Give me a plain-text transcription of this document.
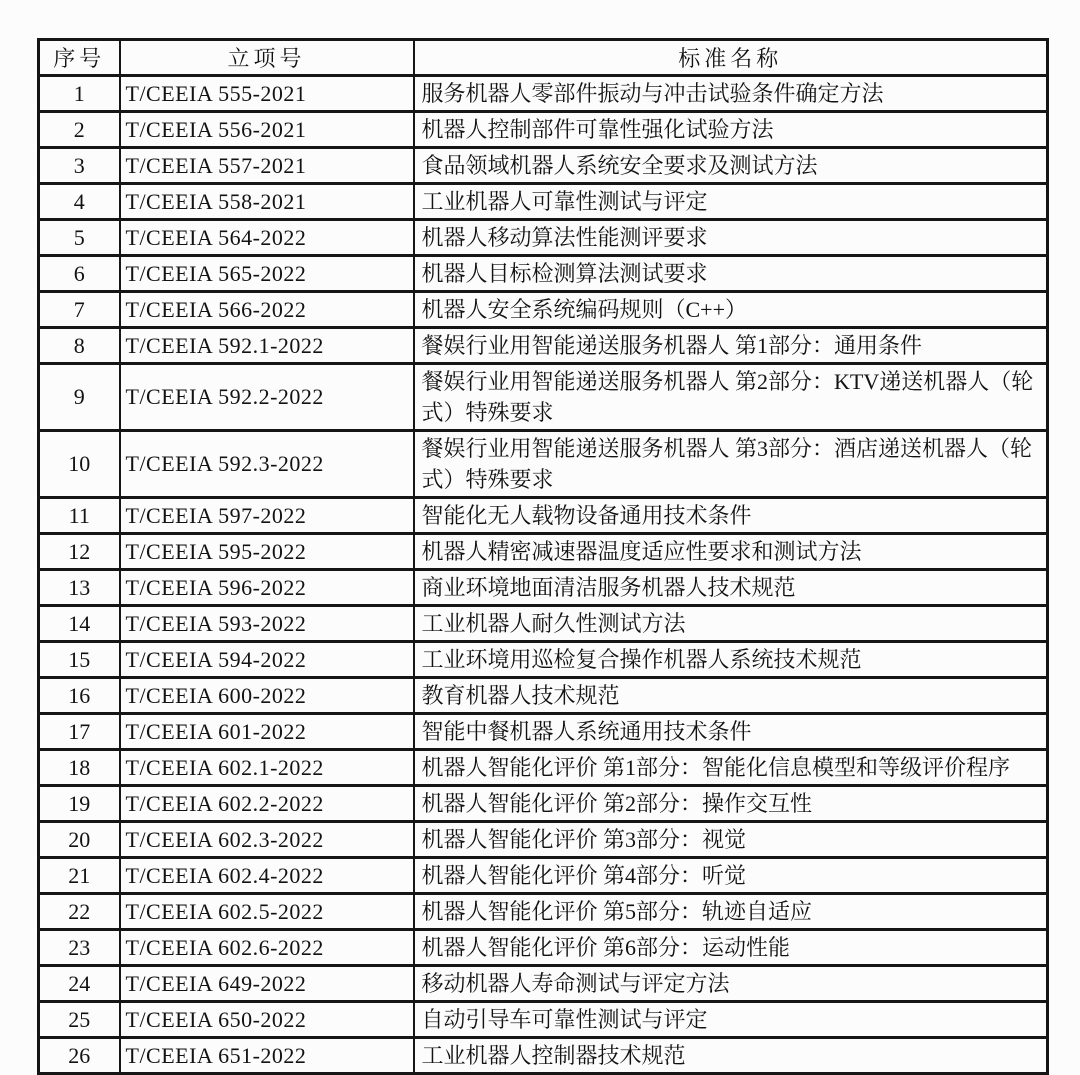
序号	立项号	标准名称
1	T/CEEIA 555-2021	服务机器人零部件振动与冲击试验条件确定方法
2	T/CEEIA 556-2021	机器人控制部件可靠性强化试验方法
3	T/CEEIA 557-2021	食品领域机器人系统安全要求及测试方法
4	T/CEEIA 558-2021	工业机器人可靠性测试与评定
5	T/CEEIA 564-2022	机器人移动算法性能测评要求
6	T/CEEIA 565-2022	机器人目标检测算法测试要求
7	T/CEEIA 566-2022	机器人安全系统编码规则（C++）
8	T/CEEIA 592.1-2022	餐娱行业用智能递送服务机器人 第1部分：通用条件
9	T/CEEIA 592.2-2022	餐娱行业用智能递送服务机器人 第2部分：KTV递送机器人（轮式）特殊要求
10	T/CEEIA 592.3-2022	餐娱行业用智能递送服务机器人 第3部分：酒店递送机器人（轮式）特殊要求
11	T/CEEIA 597-2022	智能化无人载物设备通用技术条件
12	T/CEEIA 595-2022	机器人精密减速器温度适应性要求和测试方法
13	T/CEEIA 596-2022	商业环境地面清洁服务机器人技术规范
14	T/CEEIA 593-2022	工业机器人耐久性测试方法
15	T/CEEIA 594-2022	工业环境用巡检复合操作机器人系统技术规范
16	T/CEEIA 600-2022	教育机器人技术规范
17	T/CEEIA 601-2022	智能中餐机器人系统通用技术条件
18	T/CEEIA 602.1-2022	机器人智能化评价 第1部分：智能化信息模型和等级评价程序
19	T/CEEIA 602.2-2022	机器人智能化评价 第2部分：操作交互性
20	T/CEEIA 602.3-2022	机器人智能化评价 第3部分：视觉
21	T/CEEIA 602.4-2022	机器人智能化评价 第4部分：听觉
22	T/CEEIA 602.5-2022	机器人智能化评价 第5部分：轨迹自适应
23	T/CEEIA 602.6-2022	机器人智能化评价 第6部分：运动性能
24	T/CEEIA 649-2022	移动机器人寿命测试与评定方法
25	T/CEEIA 650-2022	自动引导车可靠性测试与评定
26	T/CEEIA 651-2022	工业机器人控制器技术规范
